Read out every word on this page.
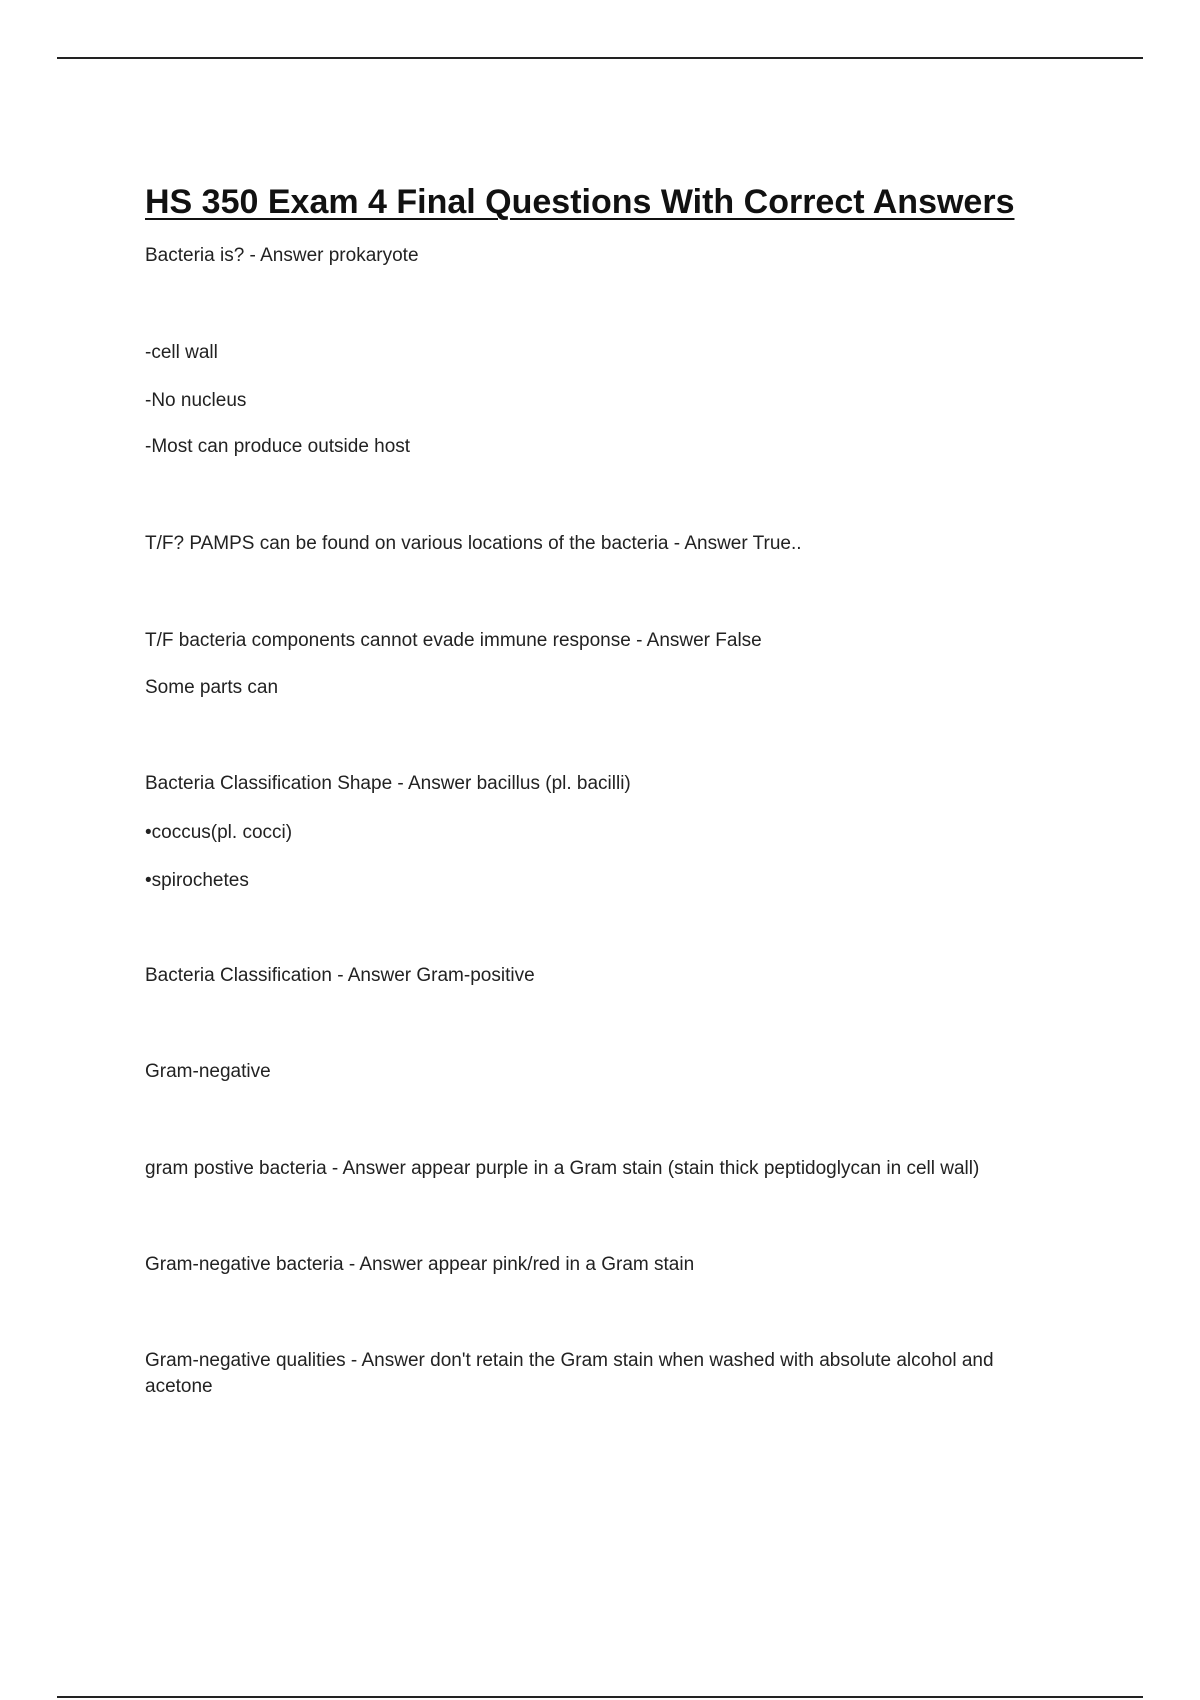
HS 350 Exam 4 Final Questions With Correct Answers

Bacteria is? - Answer prokaryote

-cell wall

-No nucleus

-Most can produce outside host

T/F? PAMPS can be found on various locations of the bacteria - Answer True..

T/F bacteria components cannot evade immune response - Answer False

Some parts can

Bacteria Classification Shape - Answer bacillus (pl. bacilli)

•coccus(pl. cocci)

•spirochetes

Bacteria Classification - Answer Gram-positive

Gram-negative

gram postive bacteria - Answer appear purple in a Gram stain (stain thick peptidoglycan in cell wall)

Gram-negative bacteria - Answer appear pink/red in a Gram stain

Gram-negative qualities - Answer don't retain the Gram stain when washed with absolute alcohol and acetone
